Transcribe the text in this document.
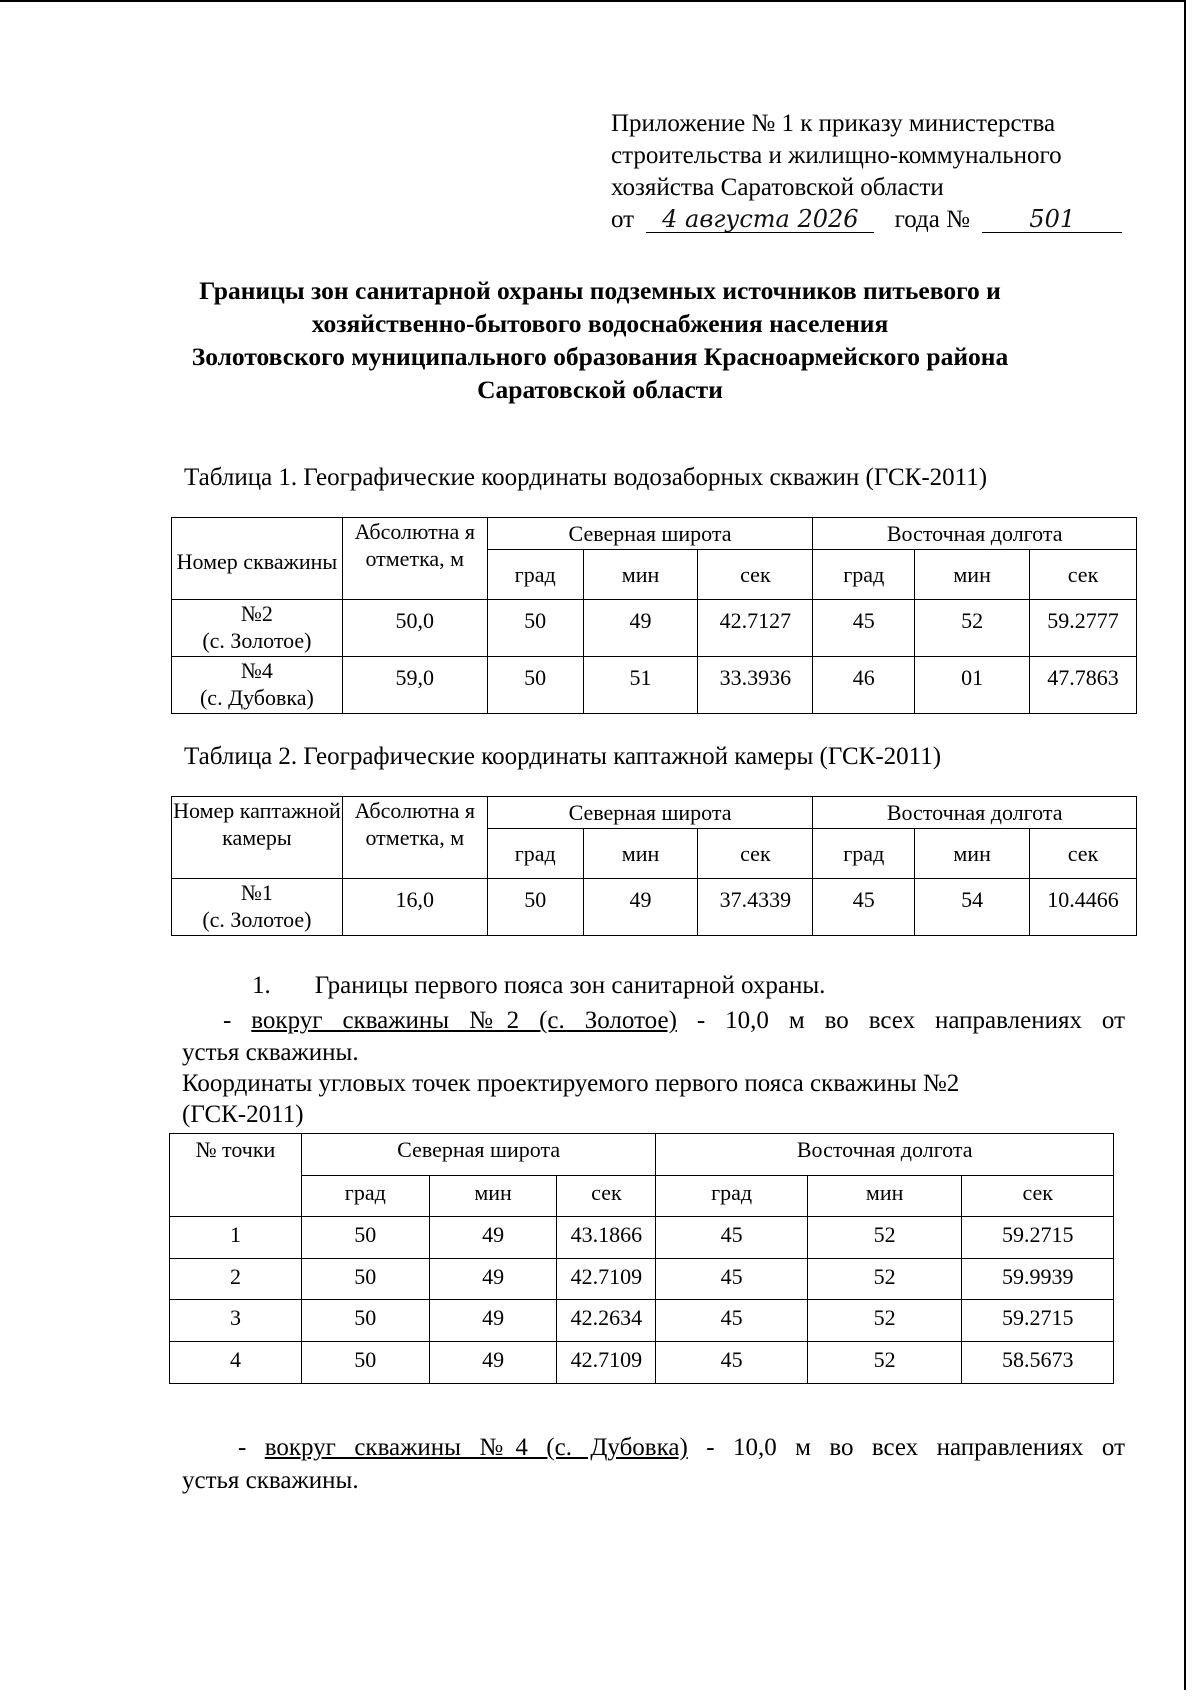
Приложение № 1 к приказу министерства
строительства и жилищно-коммунального
хозяйства Саратовской области
от 4 августа 2026 года № 501
Границы зон санитарной охраны подземных источников питьевого и
хозяйственно-бытового водоснабжения населения
Золотовского муниципального образования Красноармейского района
Саратовской области
Таблица 1. Географические координаты водозаборных скважин (ГСК-2011)
Номер скважины	Абсолютна я отметка, м	Северная широта			Восточная долгота		
		град	мин	сек	град	мин	сек
№2
(с. Золотое)	50,0	50	49	42.7127	45	52	59.2777
№4
(с. Дубовка)	59,0	50	51	33.3936	46	01	47.7863
Таблица 2. Географические координаты каптажной камеры (ГСК-2011)
Номер каптажной камеры	Абсолютна я отметка, м	Северная широта			Восточная долгота		
		град	мин	сек	град	мин	сек
№1
(с. Золотое)	16,0	50	49	37.4339	45	54	10.4466
1. Границы первого пояса зон санитарной охраны.
- вокруг скважины №2 (с. Золотое) - 10,0 м во всех направлениях от
устья скважины.
Координаты угловых точек проектируемого первого пояса скважины №2
(ГСК-2011)
№ точки	Северная широта			Восточная долгота		
	град	мин	сек	град	мин	сек
1	50	49	43.1866	45	52	59.2715
2	50	49	42.7109	45	52	59.9939
3	50	49	42.2634	45	52	59.2715
4	50	49	42.7109	45	52	58.5673
- вокруг скважины №4 (с. Дубовка) - 10,0 м во всех направлениях от
устья скважины.
